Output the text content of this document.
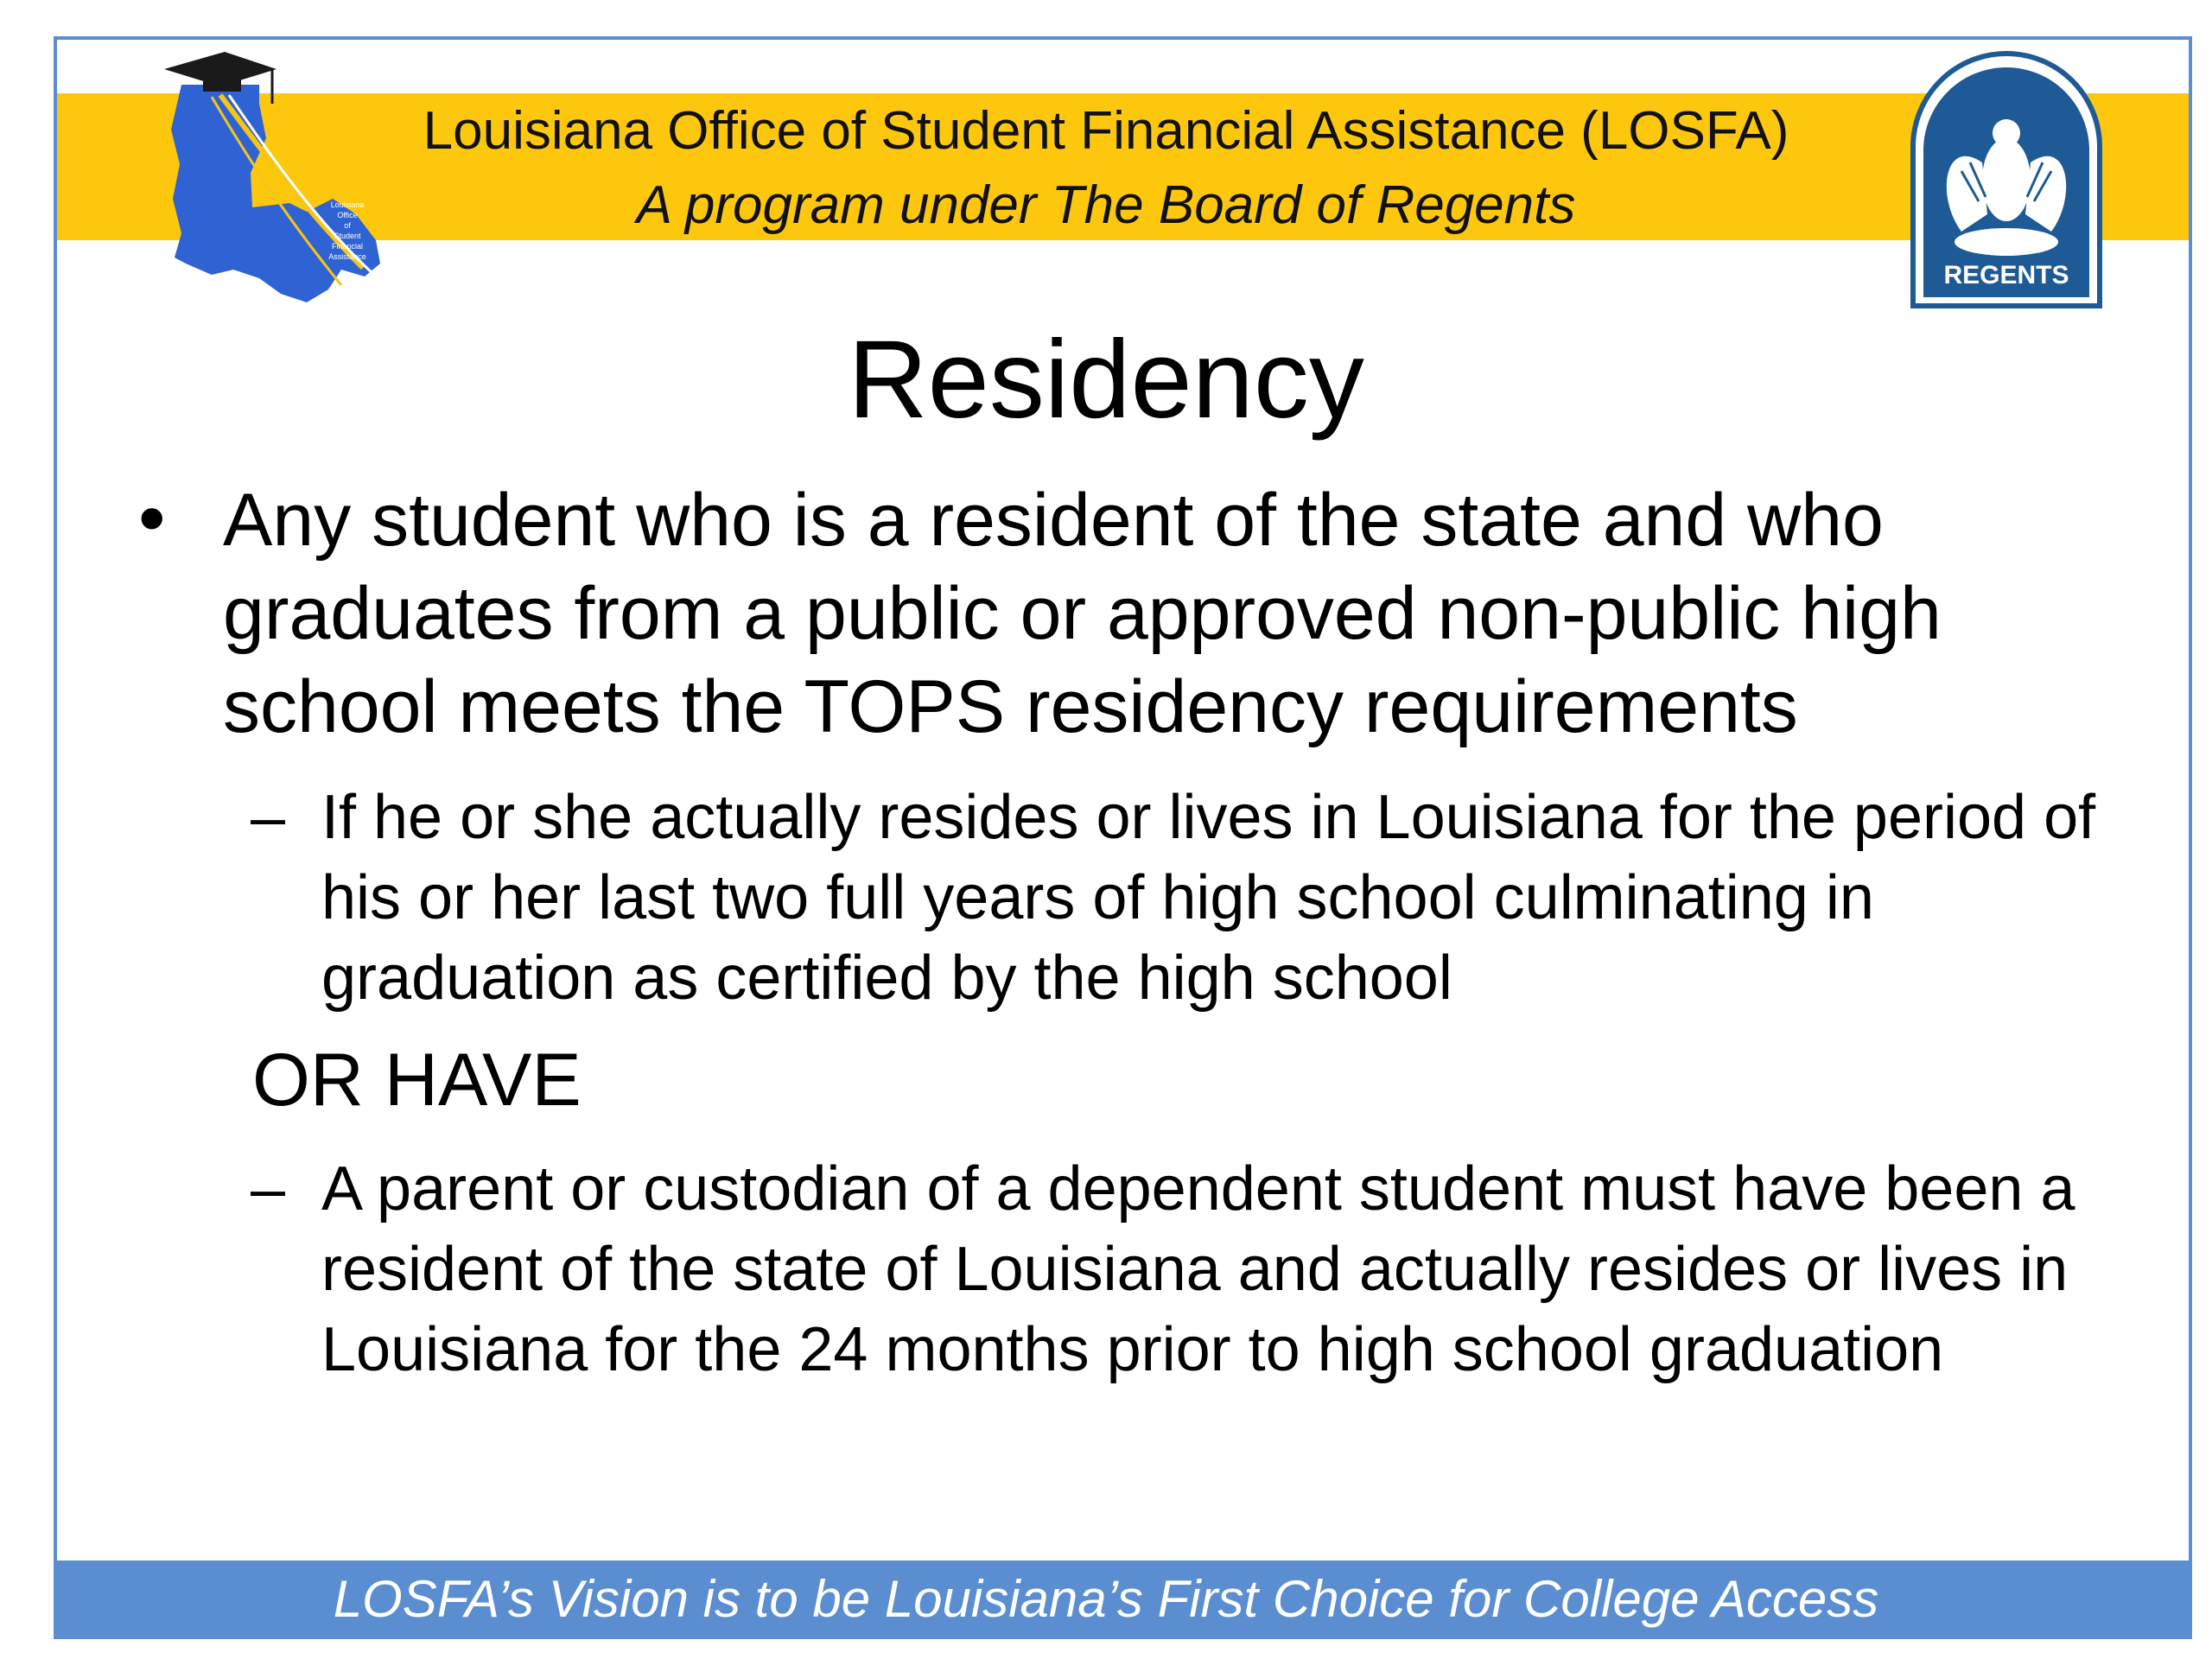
Louisiana
Office
of
Student
Financial
Assistance
REGENTS
Louisiana Office of Student Financial Assistance (LOSFA)
A program under The Board of Regents
Residency
• Any student who is a resident of the state and who graduates from a public or approved non-public high school meets the TOPS residency requirements
– If he or she actually resides or lives in Louisiana for the period of his or her last two full years of high school culminating in graduation as certified by the high school
OR HAVE
– A parent or custodian of a dependent student must have been a resident of the state of Louisiana and actually resides or lives in Louisiana for the 24 months prior to high school graduation
LOSFA’s Vision is to be Louisiana’s First Choice for College Access
